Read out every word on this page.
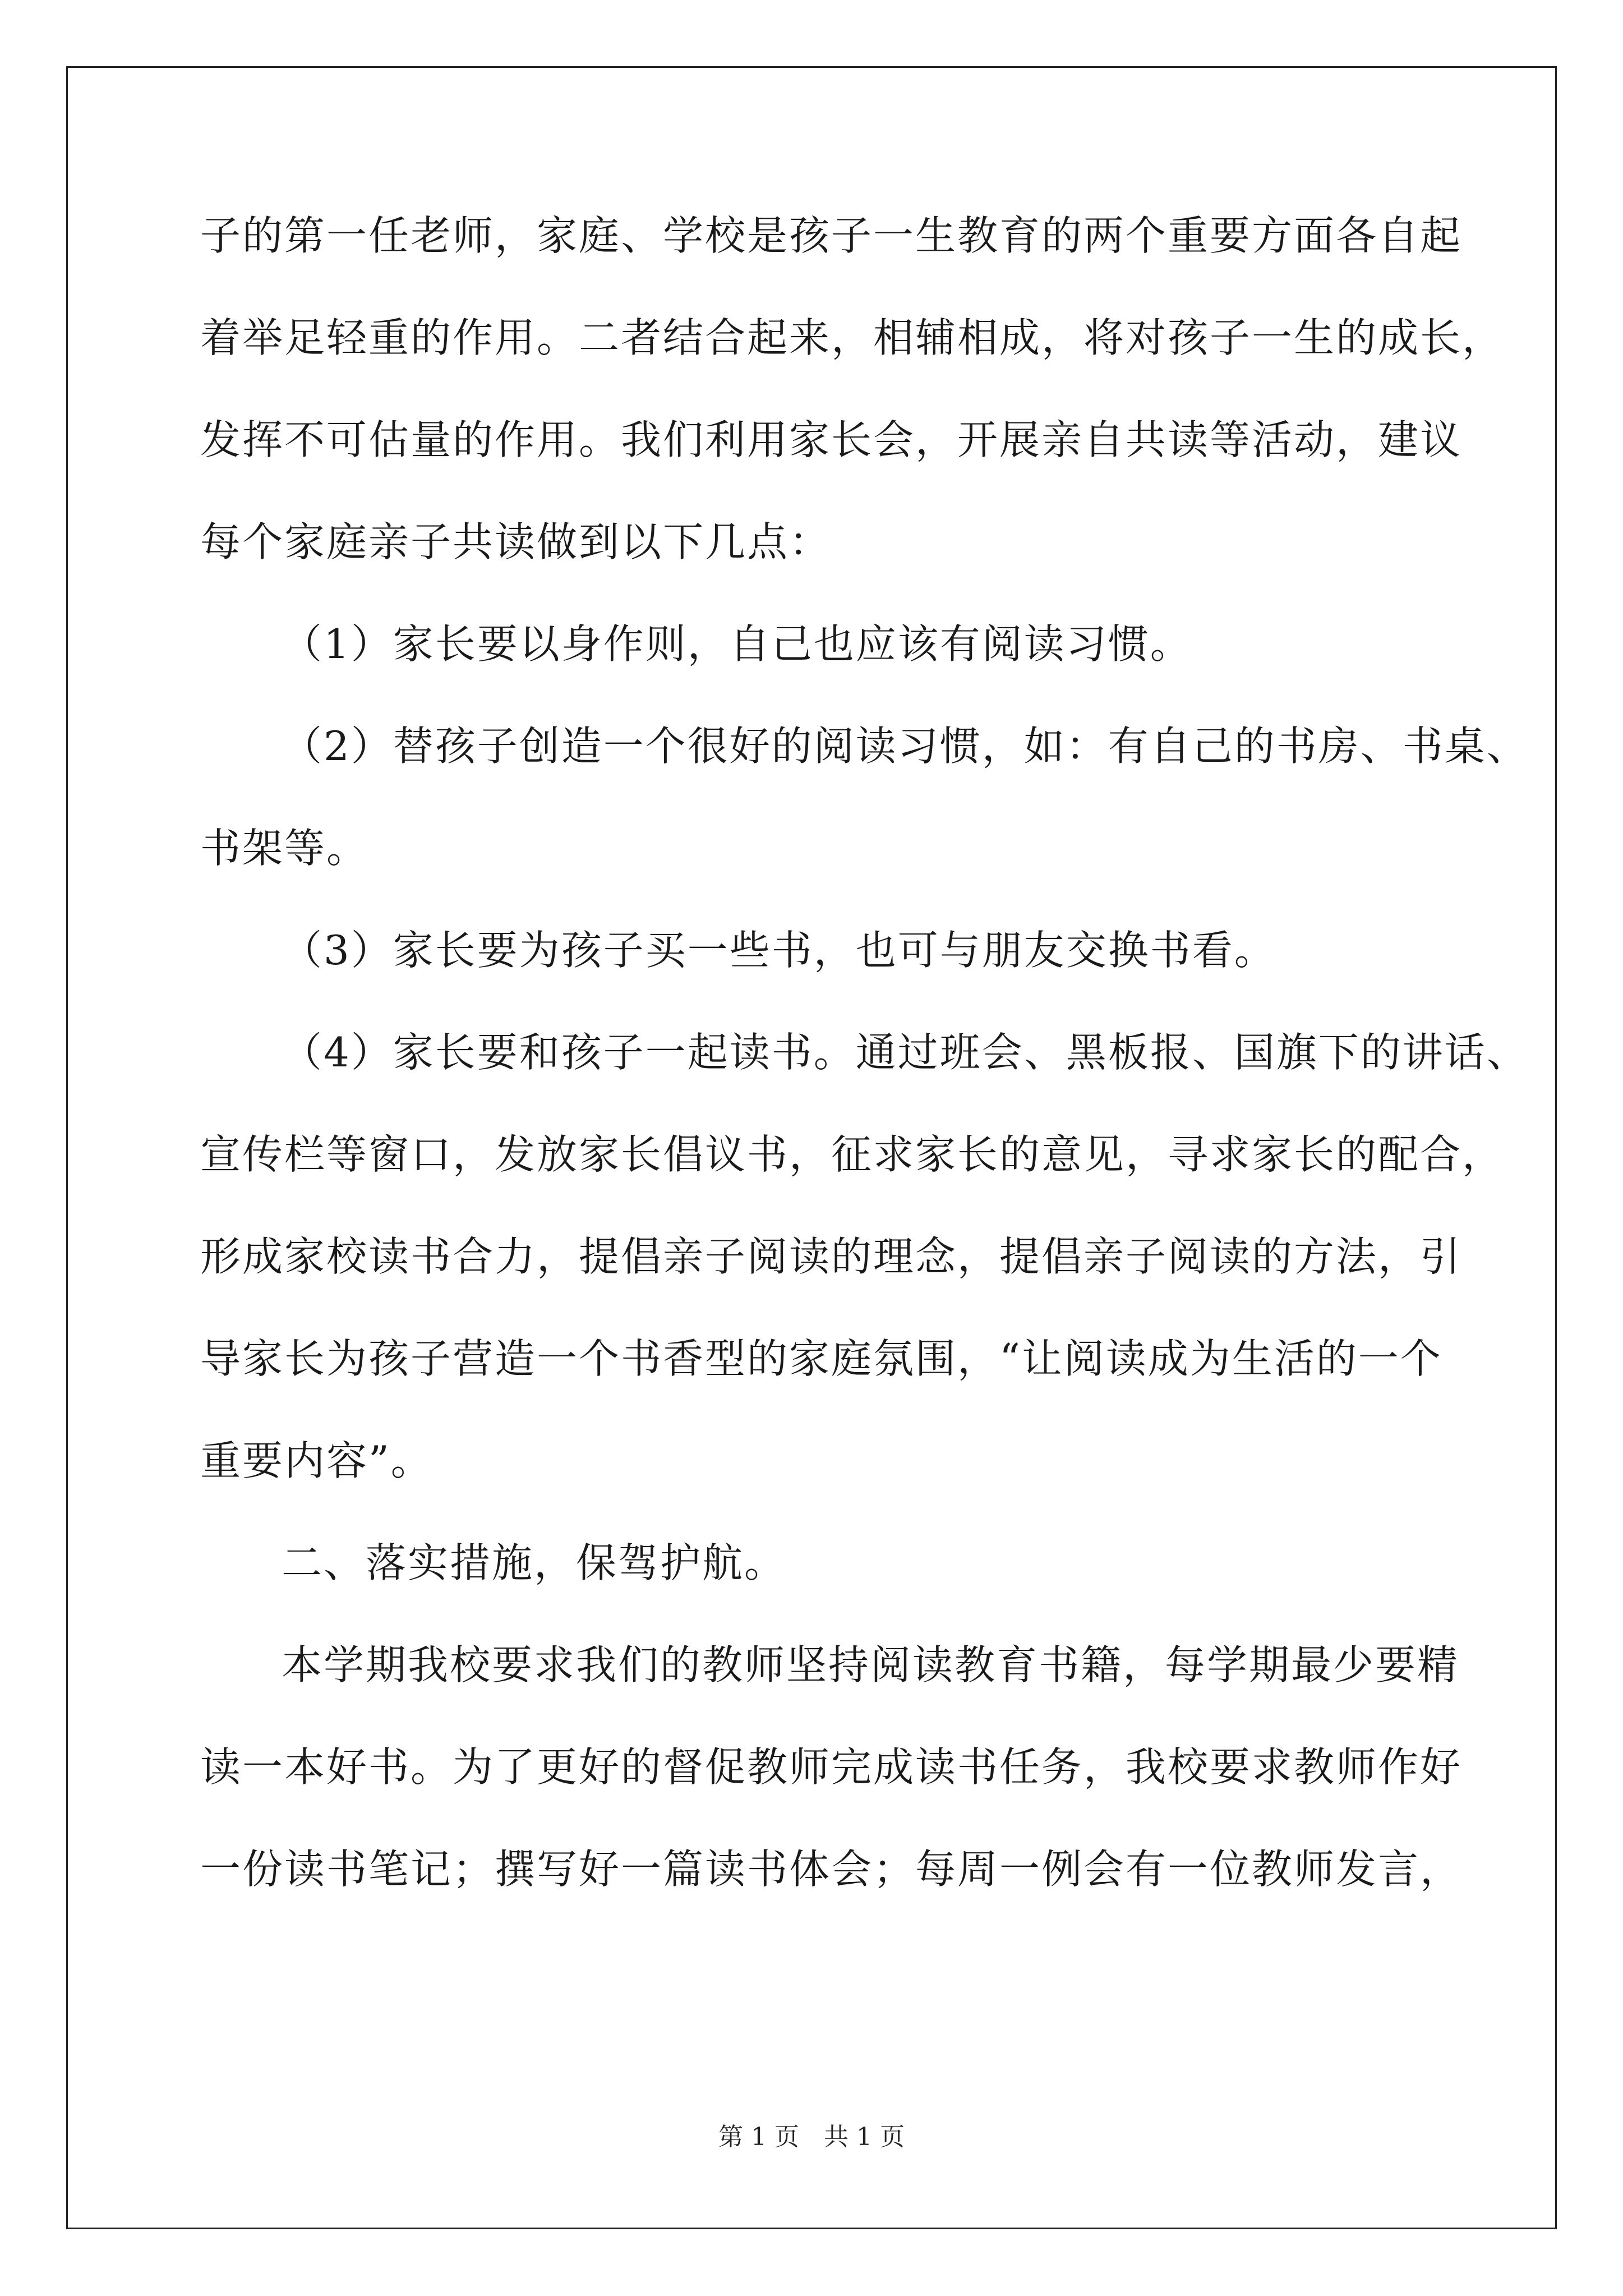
子的第一任老师，家庭、学校是孩子一生教育的两个重要方面各自起
着举足轻重的作用。二者结合起来，相辅相成，将对孩子一生的成长，
发挥不可估量的作用。我们利用家长会，开展亲自共读等活动，建议
每个家庭亲子共读做到以下几点：
（1）家长要以身作则，自己也应该有阅读习惯。
（2）替孩子创造一个很好的阅读习惯，如：有自己的书房、书桌、
书架等。
（3）家长要为孩子买一些书，也可与朋友交换书看。
（4）家长要和孩子一起读书。通过班会、黑板报、国旗下的讲话、
宣传栏等窗口，发放家长倡议书，征求家长的意见，寻求家长的配合，
形成家校读书合力，提倡亲子阅读的理念，提倡亲子阅读的方法，引
导家长为孩子营造一个书香型的家庭氛围，“让阅读成为生活的一个
重要内容”。
二、落实措施，保驾护航。
本学期我校要求我们的教师坚持阅读教育书籍，每学期最少要精
读一本好书。为了更好的督促教师完成读书任务，我校要求教师作好
一份读书笔记；撰写好一篇读书体会；每周一例会有一位教师发言，
第 1 页　共 1 页
